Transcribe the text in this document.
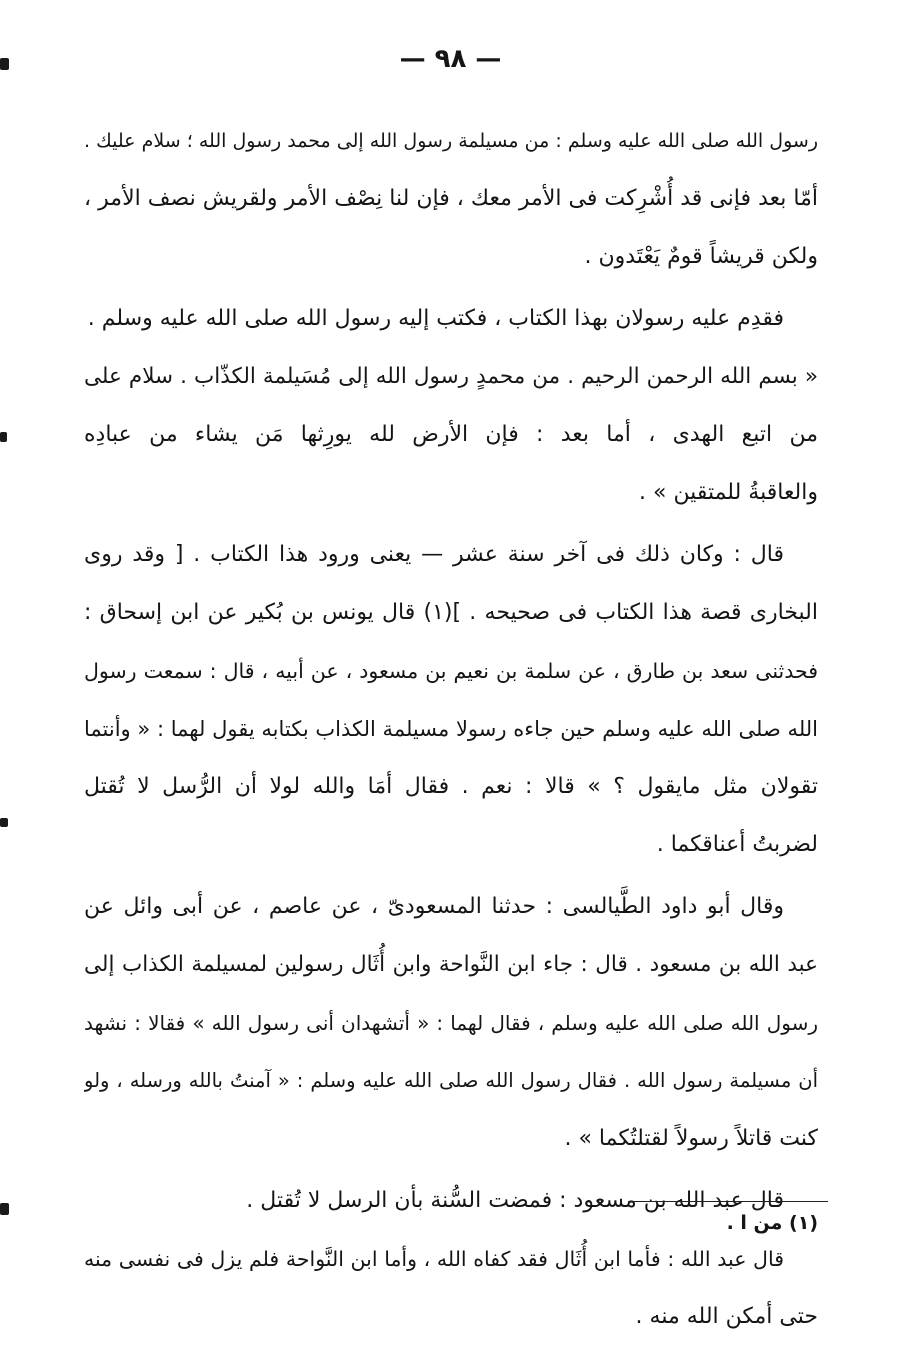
— ٩٨ —
رسول الله صلى الله عليه وسلم : من مسيلمة رسول الله إلى محمد رسول الله ؛ سلام عليك .
أمّا بعد فإنى قد أُشْرِكت فى الأمر معك ، فإن لنا نِصْف الأمر ولقريش نصف الأمر ،
ولكن قريشاً قومٌ يَعْتَدون .
فقدِم عليه رسولان بهذا الكتاب ، فكتب إليه رسول الله صلى الله عليه وسلم .
« بسم الله الرحمن الرحيم . من محمدٍ رسول الله إلى مُسَيلمة الكذّاب . سلام على
من اتبع الهدى ، أما بعد : فإن الأرض لله يورِثها مَن يشاء من عبادِه
والعاقبةُ للمتقين » .
قال : وكان ذلك فى آخر سنة عشر — يعنى ورود هذا الكتاب . [ وقد روى
البخارى قصة هذا الكتاب فى صحيحه . ](١) قال يونس بن بُكير عن ابن إسحاق :
فحدثنى سعد بن طارق ، عن سلمة بن نعيم بن مسعود ، عن أبيه ، قال : سمعت رسول
الله صلى الله عليه وسلم حين جاءه رسولا مسيلمة الكذاب بكتابه يقول لهما : « وأنتما
تقولان مثل مايقول ؟ » قالا : نعم . فقال أمَا والله لولا أن الرُّسل لا تُقتل
لضربتُ أعناقكما .
وقال أبو داود الطَّيالسى : حدثنا المسعودىّ ، عن عاصم ، عن أبى وائل عن
عبد الله بن مسعود . قال : جاء ابن النَّواحة وابن أُثَال رسولين لمسيلمة الكذاب إلى
رسول الله صلى الله عليه وسلم ، فقال لهما : « أتشهدان أنى رسول الله » فقالا : نشهد
أن مسيلمة رسول الله . فقال رسول الله صلى الله عليه وسلم : « آمنتُ بالله ورسله ، ولو
كنت قاتلاً رسولاً لقتلتُكما » .
قال عبد الله بن مسعود : فمضت السُّنة بأن الرسل لا تُقتل .
قال عبد الله : فأما ابن أُثَال فقد كفاه الله ، وأما ابن النَّواحة فلم يزل فى نفسى منه
حتى أمكن الله منه .
(١) من ا .
